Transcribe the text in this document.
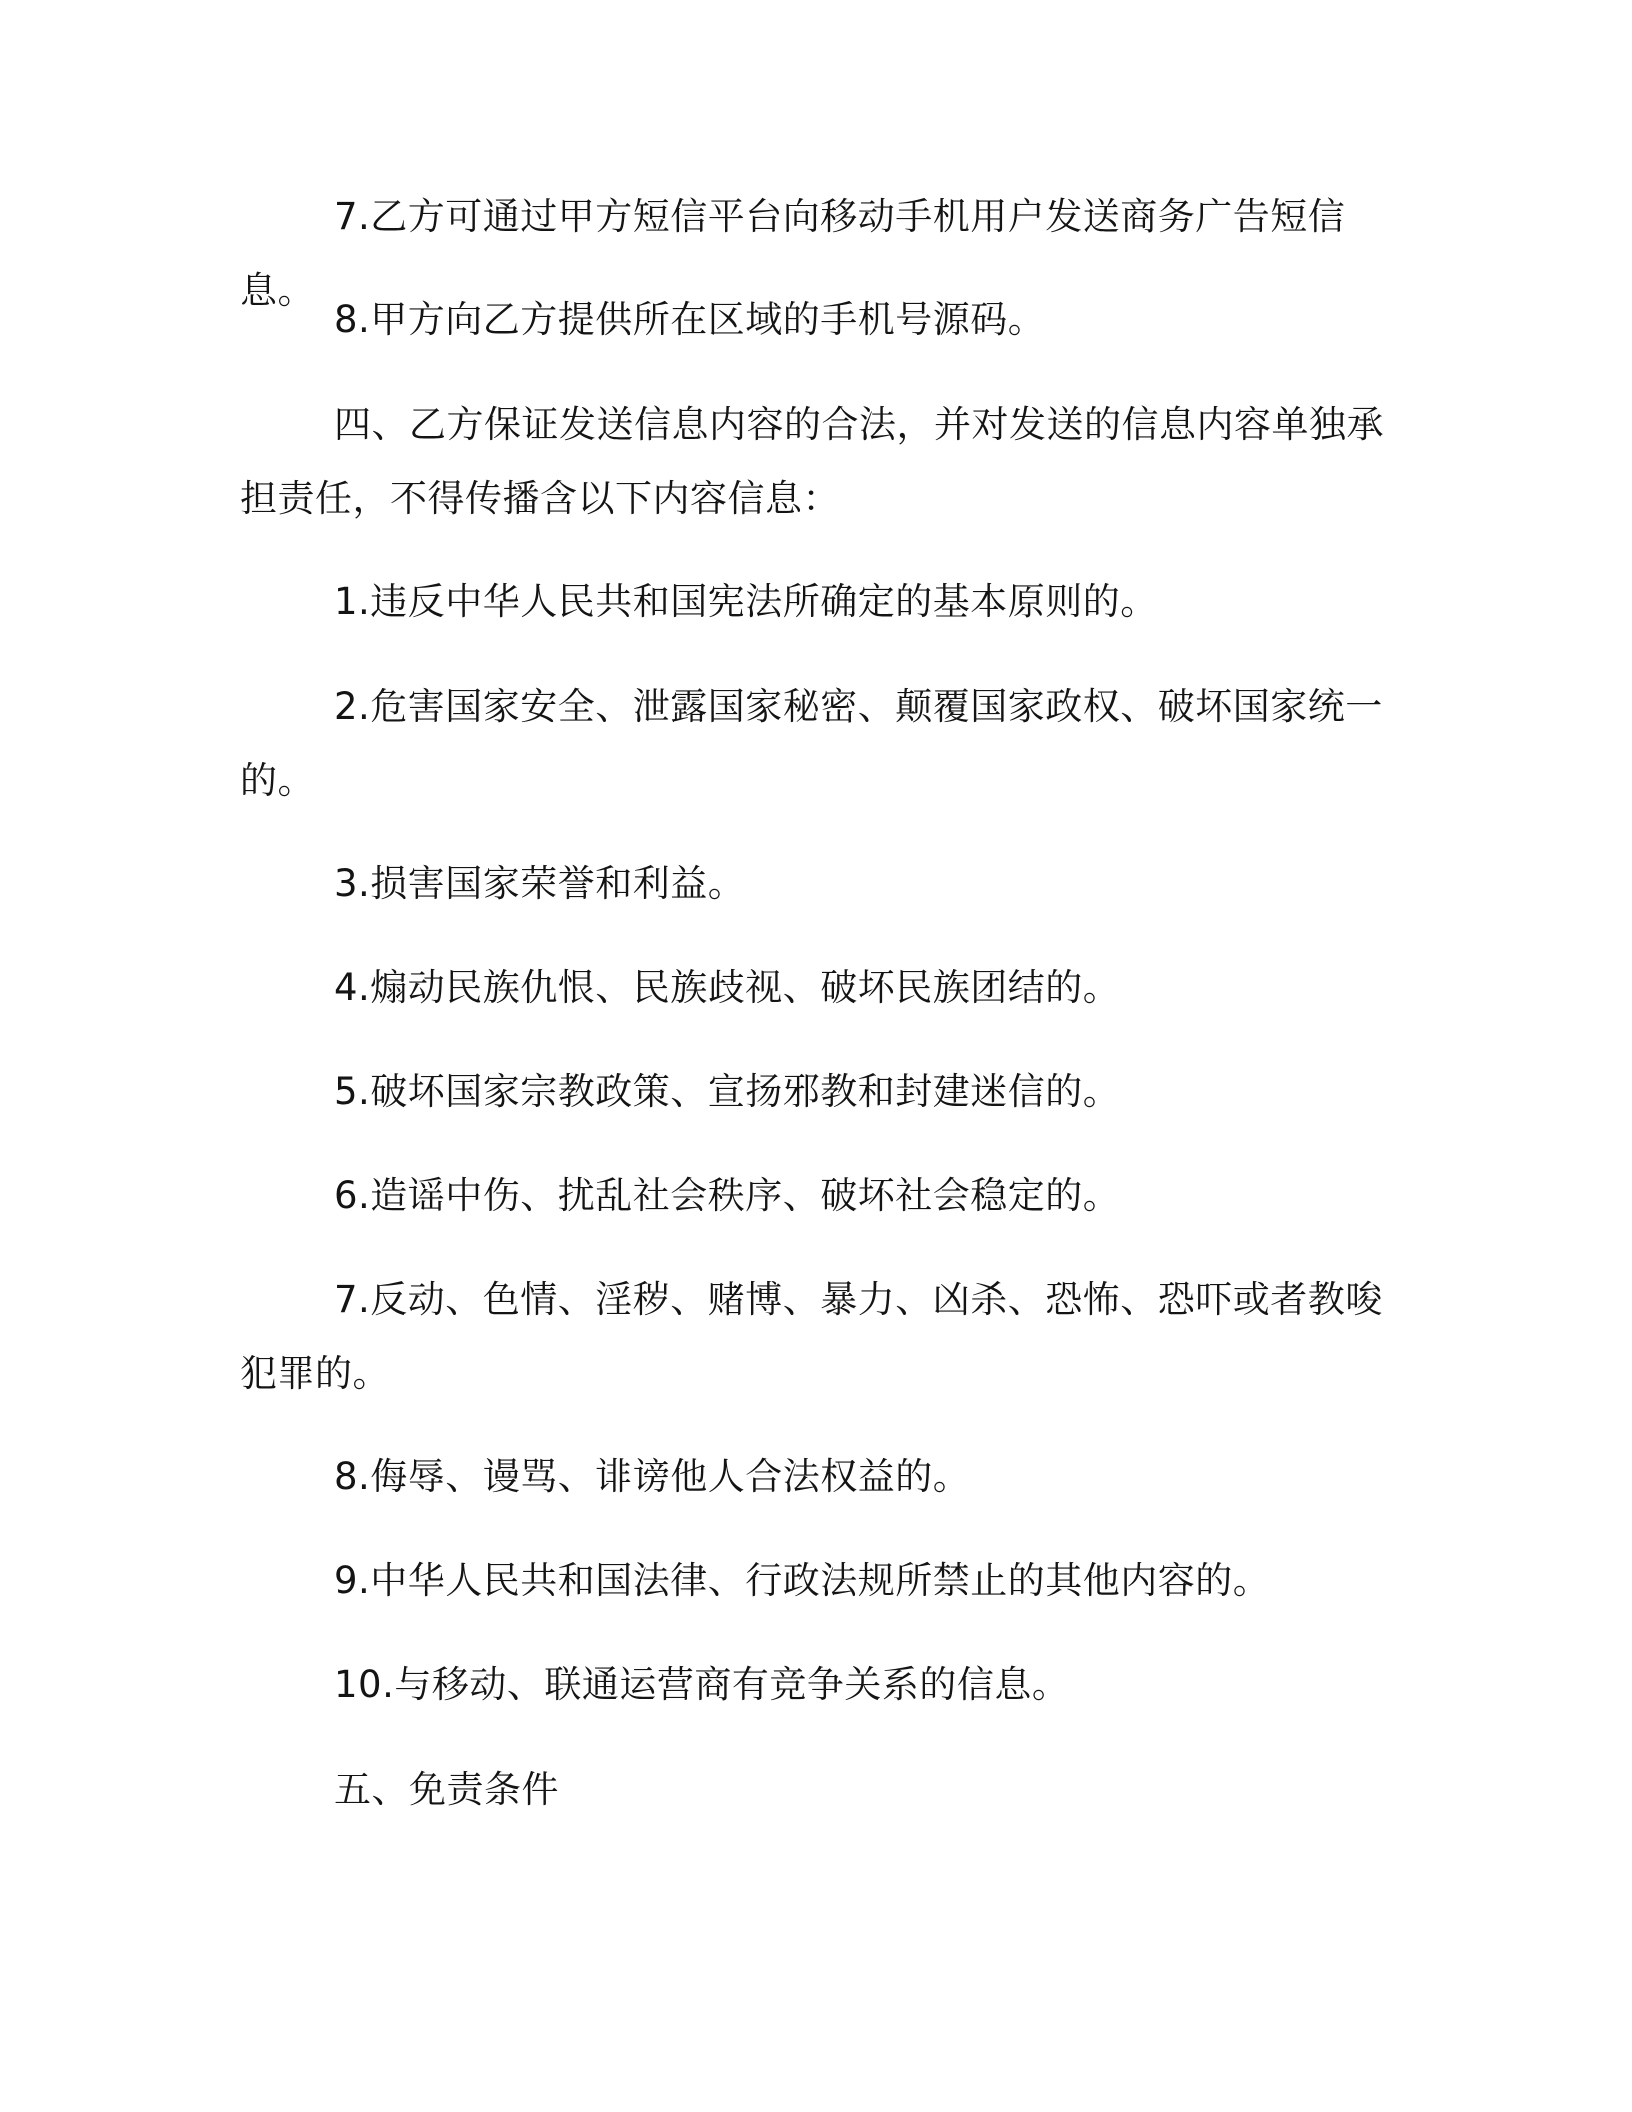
7.乙方可通过甲方短信平台向移动手机用户发送商务广告短信息。

8.甲方向乙方提供所在区域的手机号源码。

四、乙方保证发送信息内容的合法，并对发送的信息内容单独承担责任，不得传播含以下内容信息：

1.违反中华人民共和国宪法所确定的基本原则的。

2.危害国家安全、泄露国家秘密、颠覆国家政权、破坏国家统一的。

3.损害国家荣誉和利益。

4.煽动民族仇恨、民族歧视、破坏民族团结的。

5.破坏国家宗教政策、宣扬邪教和封建迷信的。

6.造谣中伤、扰乱社会秩序、破坏社会稳定的。

7.反动、色情、淫秽、赌博、暴力、凶杀、恐怖、恐吓或者教唆犯罪的。

8.侮辱、谩骂、诽谤他人合法权益的。

9.中华人民共和国法律、行政法规所禁止的其他内容的。

10.与移动、联通运营商有竞争关系的信息。

五、免责条件
